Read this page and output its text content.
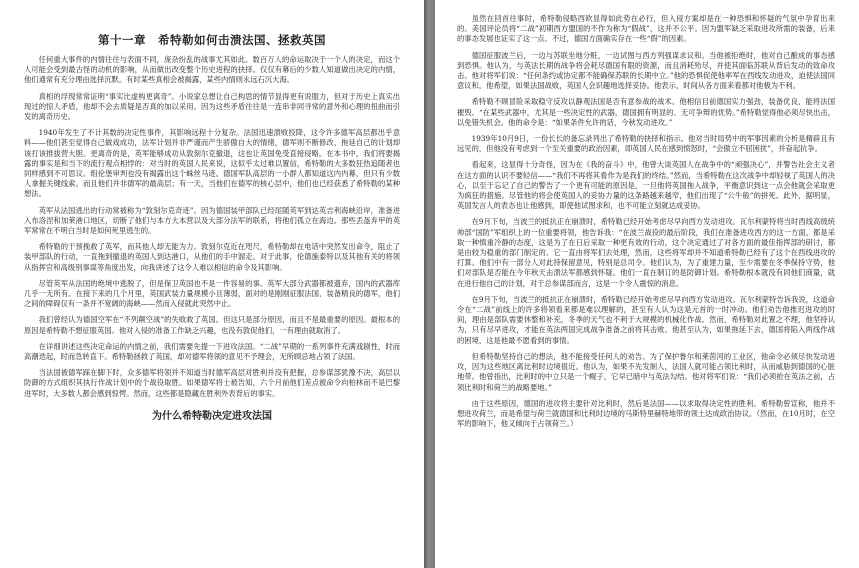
第十一章　希特勒如何击溃法国、拯救英国

任何重大事件的内情往往与表面不同，庞杂纷乱的战事尤其如此。数百万人的命运取决于一个人的决定，而这个人可能会受到最古怪的动机的影响，从而做出改变整个历史进程的抉择。仅仅有幕后的少数人知道做出决定的内情，他们通常有充分理由选择沉默。有时某些真相会被揭露，某些内情则永远石沉大海。

真相的浮现常常证明“事实比虚构更离奇”。小说家总想让自己构思的情节显得更有说服力，但对于历史上真实出现过的惊人矛盾，他却不会去质疑是否真的加以采用。因为这些矛盾往往是一连串非同寻常的意外和心理的扭曲而引发的离奇历史。

1940年发生了不计其数的决定性事件，其影响远程十分复杂。法国迅速溃败投降，这令许多德军高层都出乎意料——他们甚至觉得自己做戏成功，法军计划并非严谨而产生骄傲自大的情绪，德军则不断修改、拖延自己的计划却该打该推拔营大胆。更离奇的是，英军能够成功从敦刻尔克撤退，这也让英国免受直接侵略。在本书中，我们将要揭露的事实是和当下的流行观点相悖的：对当时的英国人民来说，这似乎太过难以置信，希特勒的大多数狂热追随者也同样感到不可思议。组伦堡审判也没有揭露出这个蛛丝马迹。德国军队高层的一小群人都知道这内内幕，但只有少数人拿握关键线索。而且他们并非德军的最高层；有一天，当他们在德军的核心层中，他们也已经获悉了希特勒的某种想法。

英军从法国逃出的行动常被称为“敦刻尔克奇迹”。因为德国装甲部队已经尾随英军到达英吉利海峡沿岸，准备进入布洛涅和加莱港口地区，切断了他们与本方大本营以及大部分法军的联系，将他们孤立在海边。那些丢盔弃甲的英军常常在不明白当时是如何死里逃生的。

希特勒的干预挽救了英军，而其他人却无能为力。敦刻尔克近在咫尺，希特勒却在电话中突然发出命令，阻止了装甲部队的行动，一直拖到撤退的英国人到达港口，从他们的手中溜走。对于此事，伦德施泰特以及其他有关的将领从指挥官和高级别事谋等角度出发，向我讲述了这令人难以相信的命令及其影响。

尽管英军从法国的绝境中逃脱了，但是保卫英国也不是一件容易的事。英军大部分武器都被遗弃，国内的武器库几乎一无所有。在接下来的几个月里，英国武装力量规模小且薄弱，面对的是刚刚征服法国、装备精良的德军，他们之间的障碍仅有一条并不宽阔的海峡——然而入侵就此突然中止。

我们曾经认为德国空军在“不列颠空战”的失败救了英国。但这只是部分原因，而且不是最重要的原因。最根本的原因是希特勒不想征服英国。他对入侵的准备工作缺乏兴趣，也没有敦促他们，一有理由就取消了。

在详细讲述这些决定命运的内情之前，我们需要先提一下进攻法国。“二战”早期的一系列事件充满戏剧性，时而高潮迭起，时而急转直下。希特勒拯救了英国，却对德军将领的意见不予理会，无所顾忌地占领了法国。

当法国被德军踩在脚下时，众多德军将领并不知道当时德军高层对胜利并没有把握，总参谋部犹豫不决，高层以防御的方式组织其执行作战计划中的个战役取胜。如果德军将士被告知，六个月前他们差点被命令向柏林而不是巴黎进军时，大多数人都会感到惊愕。然而，这些都是隐藏在胜利外表背后的事实。

为什么希特勒决定进攻法国

虽然在回首往事时，希特勒侵略西欧显得如此势在必行，但入侵方案却是在一种恐惧和怀疑的气氛中孕育出来的。美国评论员将“二战”初期西方盟国的不作为称为“假战”，这并不公平。因为盟军缺乏采取进攻所需的装备，后来的事态发展也证实了这一点。不过，德国方面确实存在一些“假”的因素。

德国征服波兰后，一边与苏联坐地分赃，一边试图与西方列强谋求议和。当他被拒绝时，他对自己酿成的事态感到恐惧。他认为，与英法长期的战争将会耗尽德国有限的资源，而且消耗殆尽，并使其面临苏联从背后发动的致命攻击。他对将军们说：“任何条约或协定都不能确保苏联的长期中立。”他的恐惧促使他率军在西线发动进攻，迫使法国同意议和。他希望，如果法国战败，英国人会识趣地选择妥协。他表示，时间从各方面来看都对他极为不利。

希特勒不顾冒险采取稳守反攻以静观法国是否有意参战的战术。他相信目前德国实力强劲，装备优良，能将法国摧毁。“在某些武器中，尤其是一些决定性的武器，德国拥有明显的、无可争辩的优势。”希特勒觉得他必须尽快出击，以免错失机会。他的命令是：“如果条件允许的话，今秋发动进攻。”

1939年10月9日，一份长长的备忘录列出了希特勒的抉择和指示。他对当时局势中的军事因素的分析是精辟且有远见的，但他没有考虑到一个至关重要的政治因素，即英国人民在感到愤怒时，“会傲立不屈困扰”，并奋起抗争。

看起来，这显得十分奇怪，因为在《我的奋斗》中，他曾大谈英国人在战争中的“顽强决心”，并警告社会主义者在这方面的认识不要轻信——“我们不再将其看作为是我们的终结。”然而，当希特勒在这次战争中却轻视了英国人的决心，以至于忘记了自己的警告了一个更有可能的原因是，一旦他将英国拖入战争，平衡意识到这一点会他就会采取更为疯狂的措施。尽管他的将会使英国人的妥协力量的这条路越来越窄，他们出现了“公牛般”的拼死。此外，据明显，英国发言人的表态也让他感到，即使他试图求和，也不可能立刻就达成妥协。

在9月下旬，当波兰的抵抗正在崩溃时，希特勒已经开始考虑尽早向西方发动进攻。瓦尔利蒙特将当时西线高级统帅部“国防”军组织上的一位重要将领，他告诉我：“在波兰战役的最后阶段，我们在准备进攻西方的这一方面，都是采取一种慎重冷静的态度，这是为了在日后采取一种更有效的行动，这个决定通过了对各方面的最佳指挥部的研讨，都是由较为稳重的部门制定的。它一直由将军们去处理，然而，这些将军却并不知道希特勒已经有了这个在西线进攻的打算。他们中有一部分人对此持保留意见，特别是总司令。他们认为，为了重建力量，至少需要在冬季保持守势，他们对部队是否能在今年秋天击溃法军都感到怀疑。他们一直在制订的是防御计划。希特勒根本就没有同他们商量，就在进行他自己的计划，对于总参谋部而言，这是一个令人震惊的消息。

在9月下旬，当波兰的抵抗正在崩溃时，希特勒已经开始考虑尽早向西方发动进攻。瓦尔利蒙特告诉我说，这道命令在“二战”前线上的许多将领看来都是难以理解的，甚至有人认为这是元首的一时冲动。他们劝告他推迟进攻的时间，理由是部队需要休整和补充，冬季的天气也不利于大规模的机械化作战。然而，希特勒对此置之不理，他坚持认为，只有尽早进攻，才能在英法两国完成战争准备之前将其击败。他甚至认为，如果拖延下去，德国将陷入两线作战的困境，这是他最不愿看到的事情。

但希特勒坚持自己的想法，他不能接受任何人的劝告。为了保护鲁尔和莱茵河的工业区，他命令必须尽快发动进攻，因为这些地区离比利时边境很近。他认为，如果不先发制人，法国人就可能占领比利时，从而威胁到德国的心脏地带。他曾指出，比利时的中立只是一个幌子，它早已暗中与英法勾结。他对将军们说：“我们必须抢在英法之前，占领比利时和荷兰的战略要地。”

由于这些原因，德国的进攻将主要针对比利时，然后是法国——以求取得决定性的胜利。希特勒曾宣称，他并不想进攻荷兰，而是希望与荷兰就德国和比利时边境的马斯特里赫特地带的领土达成政治协议。（然而，在10月时，在空军的影响下，他又倾向于占领荷兰。）
